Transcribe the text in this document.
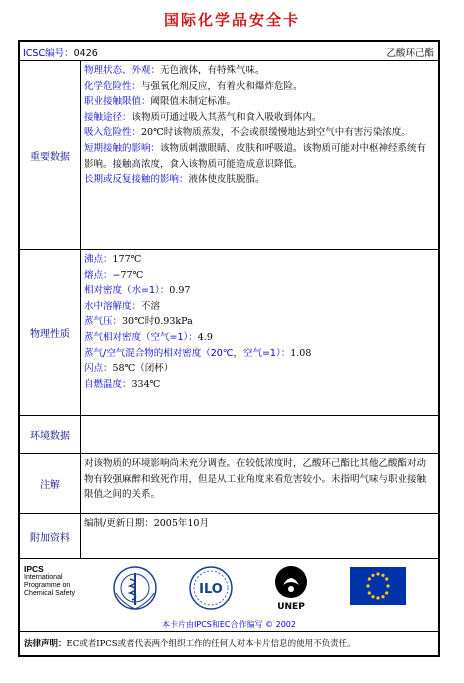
国际化学品安全卡
ICSC编号：0426	乙酸环己酯
重要数据
物理状态、外观：无色液体，有特殊气味。
化学危险性：与强氧化剂反应，有着火和爆炸危险。
职业接触限值：阈限值未制定标准。
接触途径：该物质可通过吸入其蒸气和食入吸收到体内。
吸入危险性：20℃时该物质蒸发，不会或很缓慢地达到空气中有害污染浓度。
短期接触的影响：该物质刺激眼睛、皮肤和呼吸道。该物质可能对中枢神经系统有影响。接触高浓度，食入该物质可能造成意识降低。
长期或反复接触的影响：液体使皮肤脱脂。
物理性质
沸点：177℃
熔点：−77℃
相对密度（水=1）：0.97
水中溶解度：不溶
蒸气压：30℃时0.93kPa
蒸气相对密度（空气=1）：4.9
蒸气/空气混合物的相对密度（20℃，空气=1）：1.08
闪点：58℃（闭杯）
自燃温度：334℃
环境数据
注解
对该物质的环境影响尚未充分调查。在较低浓度时，乙酸环己酯比其他乙酸酯对动物有较强麻醉和致死作用，但是从工业角度来看危害较小。未指明气味与职业接触限值之间的关系。
附加资料
编制/更新日期：2005年10月
IPCS
International
Programme on
Chemical Safety	ILO
UNEP
本卡片由IPCS和EC合作编写 © 2002
法律声明：EC或者IPCS或者代表两个组织工作的任何人对本卡片信息的使用不负责任。
